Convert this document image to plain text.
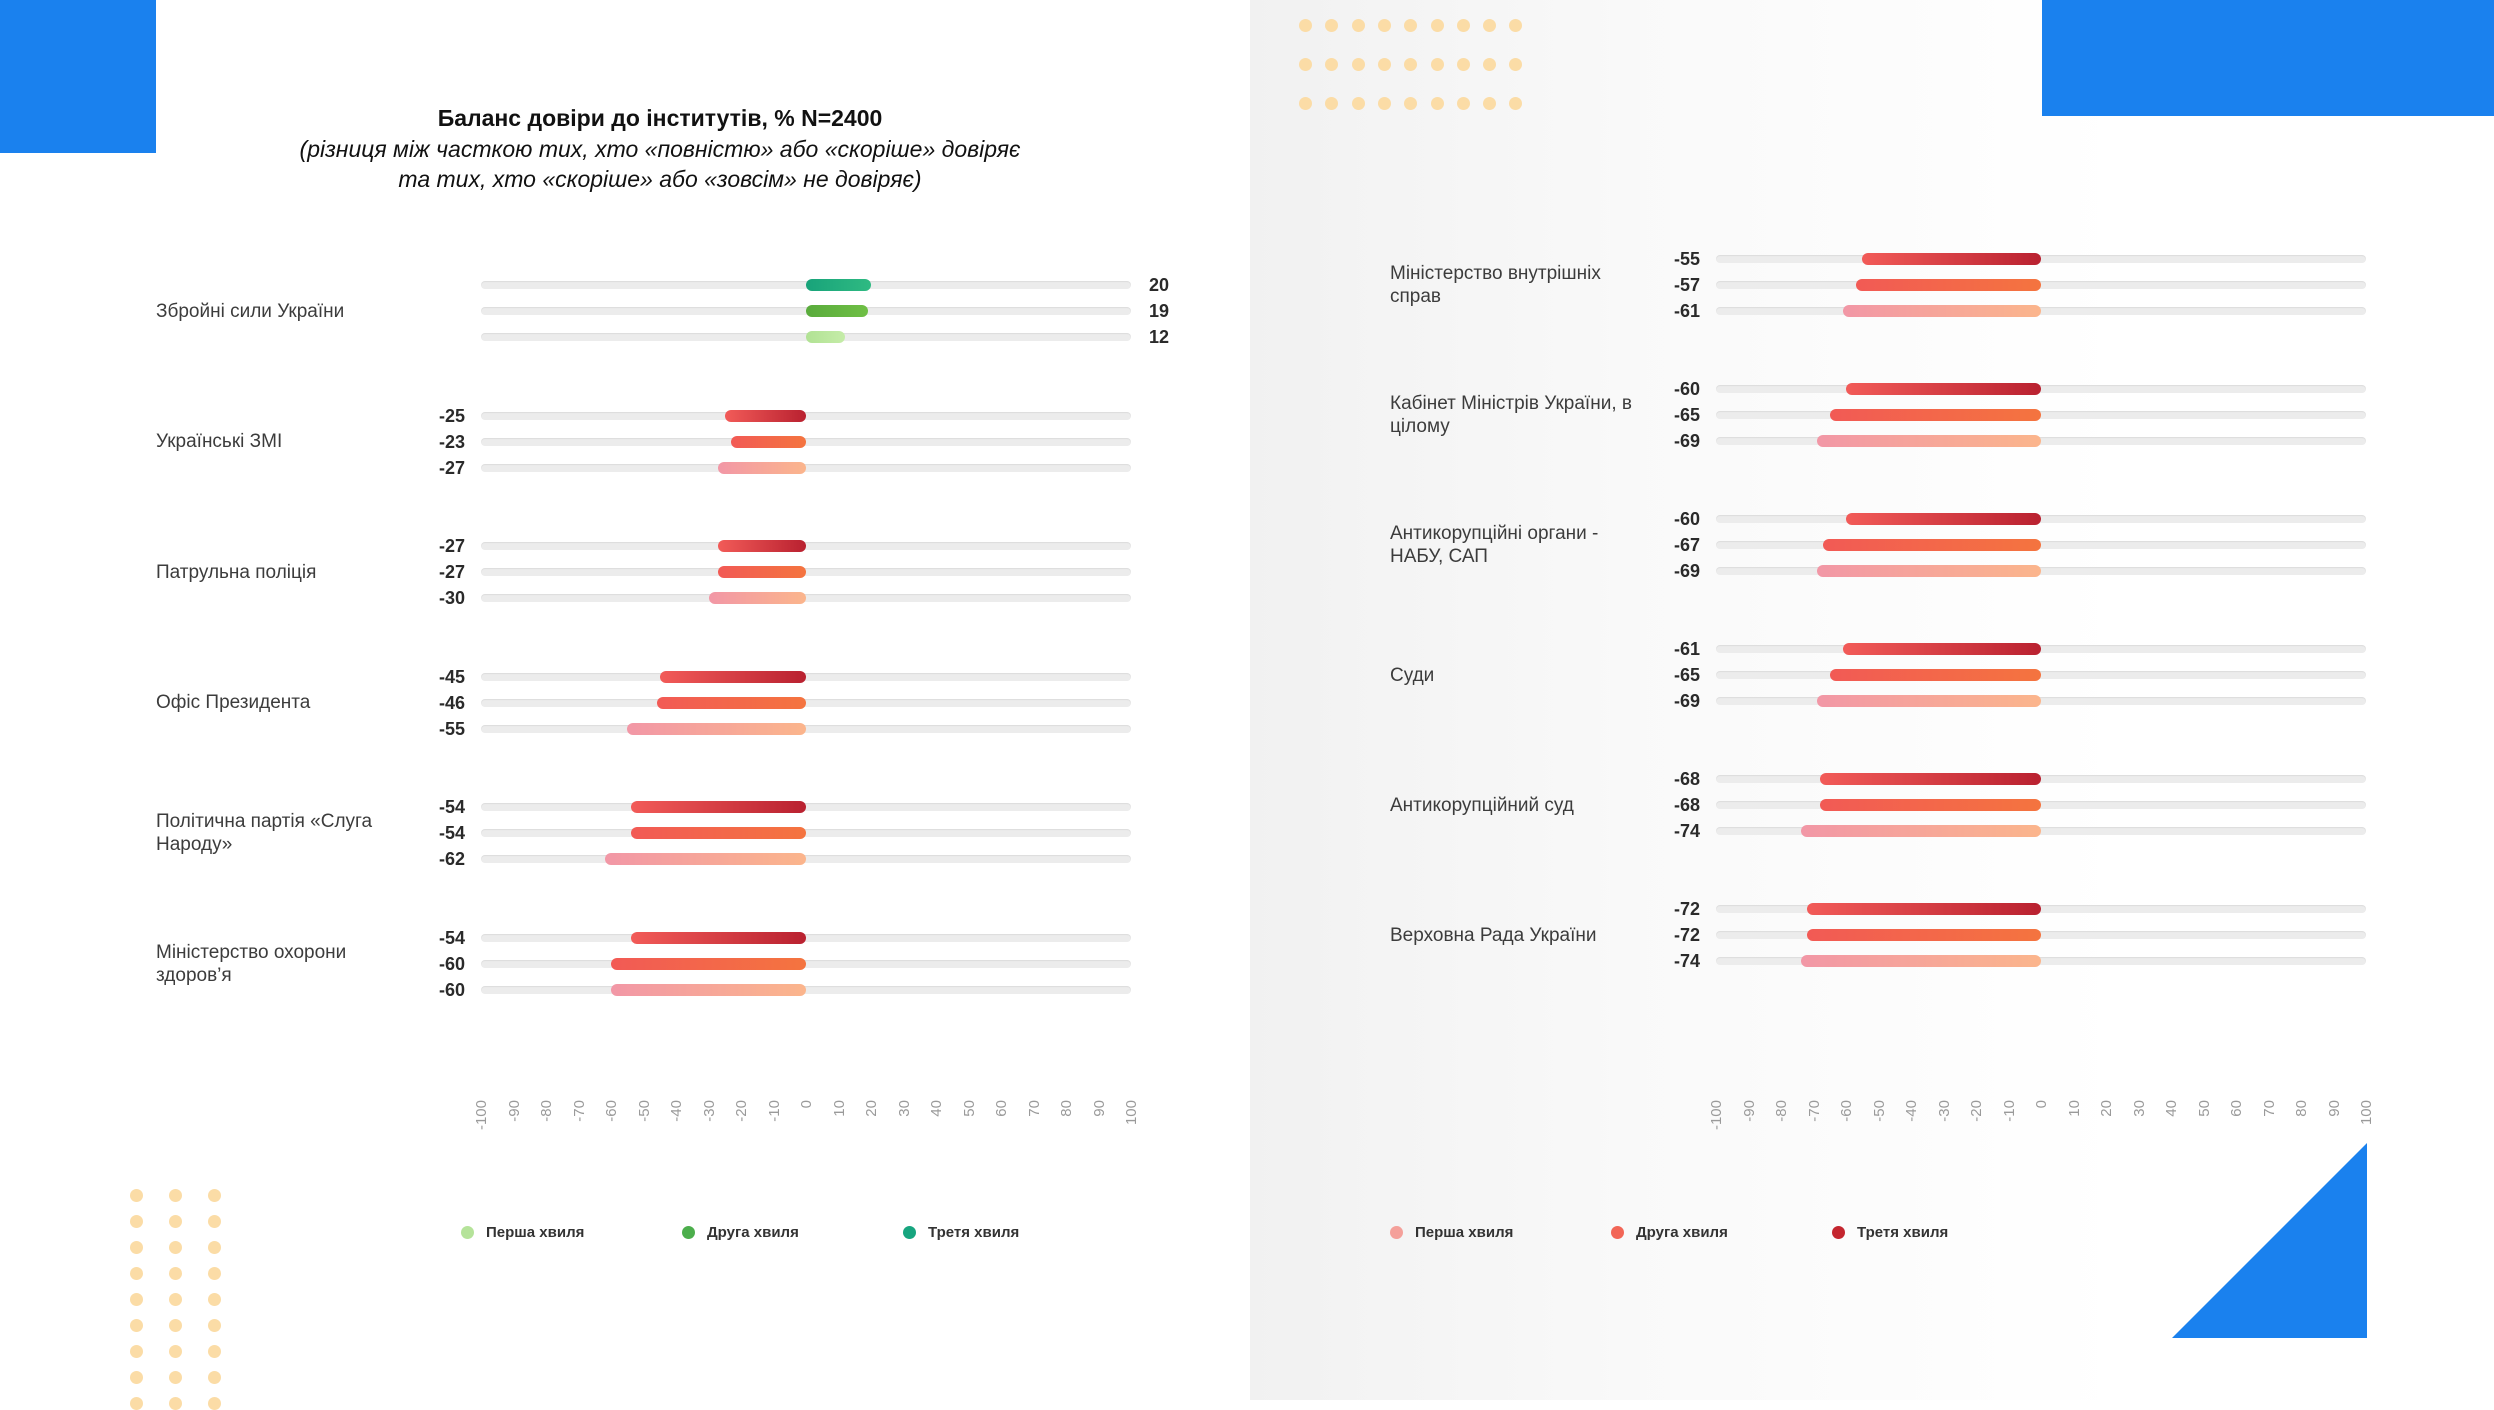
Баланс довіри до інститутів, % N=2400
(різниця між часткою тих, хто «повністю» або «скоріше» довіряє
та тих, хто «скоріше» або «зовсім» не довіряє)
Збройні сили України
20
19
12
Українські ЗМІ
-25
-23
-27
Патрульна поліція
-27
-27
-30
Офіс Президента
-45
-46
-55
Політична партія «Слуга Народу»
-54
-54
-62
Міністерство охорони здоров’я
-54
-60
-60
-100 -90 -80 -70 -60 -50 -40 -30 -20 -10 0 10 20 30 40 50 60 70 80 90 100
Міністерство внутрішніх справ
-55
-57
-61
Кабінет Міністрів України, в цілому
-60
-65
-69
Антикорупційні органи - НАБУ, САП
-60
-67
-69
Суди
-61
-65
-69
Антикорупційний суд
-68
-68
-74
Верховна Рада України
-72
-72
-74
-100 -90 -80 -70 -60 -50 -40 -30 -20 -10 0 10 20 30 40 50 60 70 80 90 100
Перша хвиля	Друга хвиля	Третя хвиля	Перша хвиля	Друга хвиля	Третя хвиля
